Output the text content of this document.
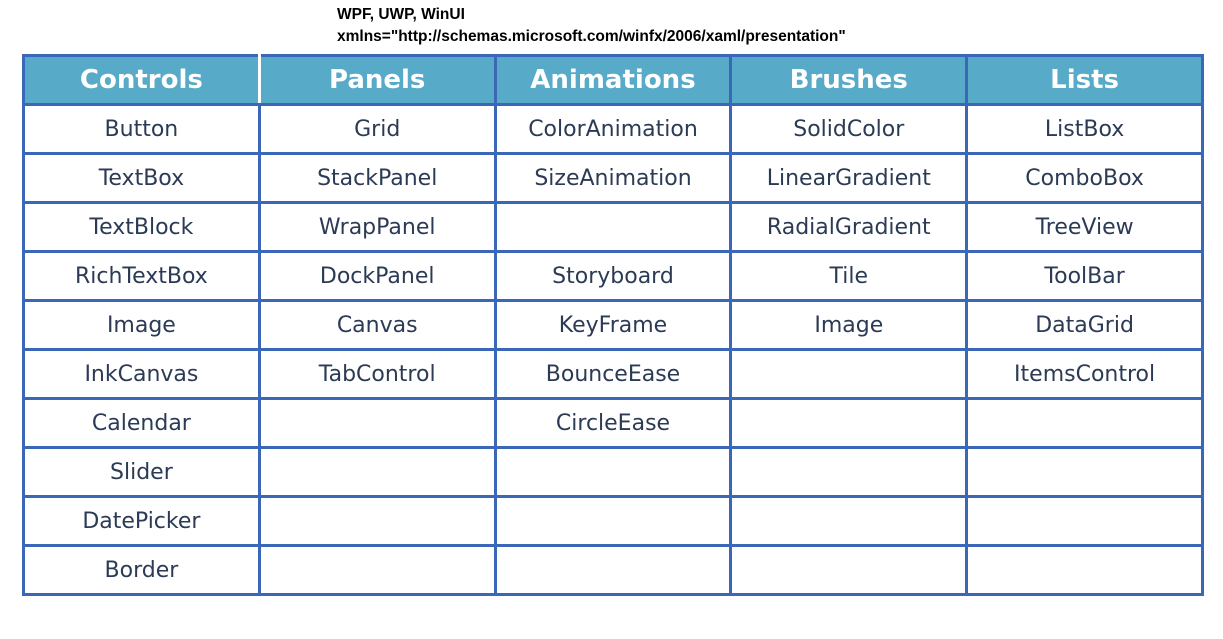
WPF, UWP, WinUI
xmlns="http://schemas.microsoft.com/winfx/2006/xaml/presentation"
Controls	Panels	Animations	Brushes	Lists
Button	Grid	ColorAnimation	SolidColor	ListBox
TextBox	StackPanel	SizeAnimation	LinearGradient	ComboBox
TextBlock	WrapPanel		RadialGradient	TreeView
RichTextBox	DockPanel	Storyboard	Tile	ToolBar
Image	Canvas	KeyFrame	Image	DataGrid
InkCanvas	TabControl	BounceEase		ItemsControl
Calendar		CircleEase		
Slider				
DatePicker				
Border				
